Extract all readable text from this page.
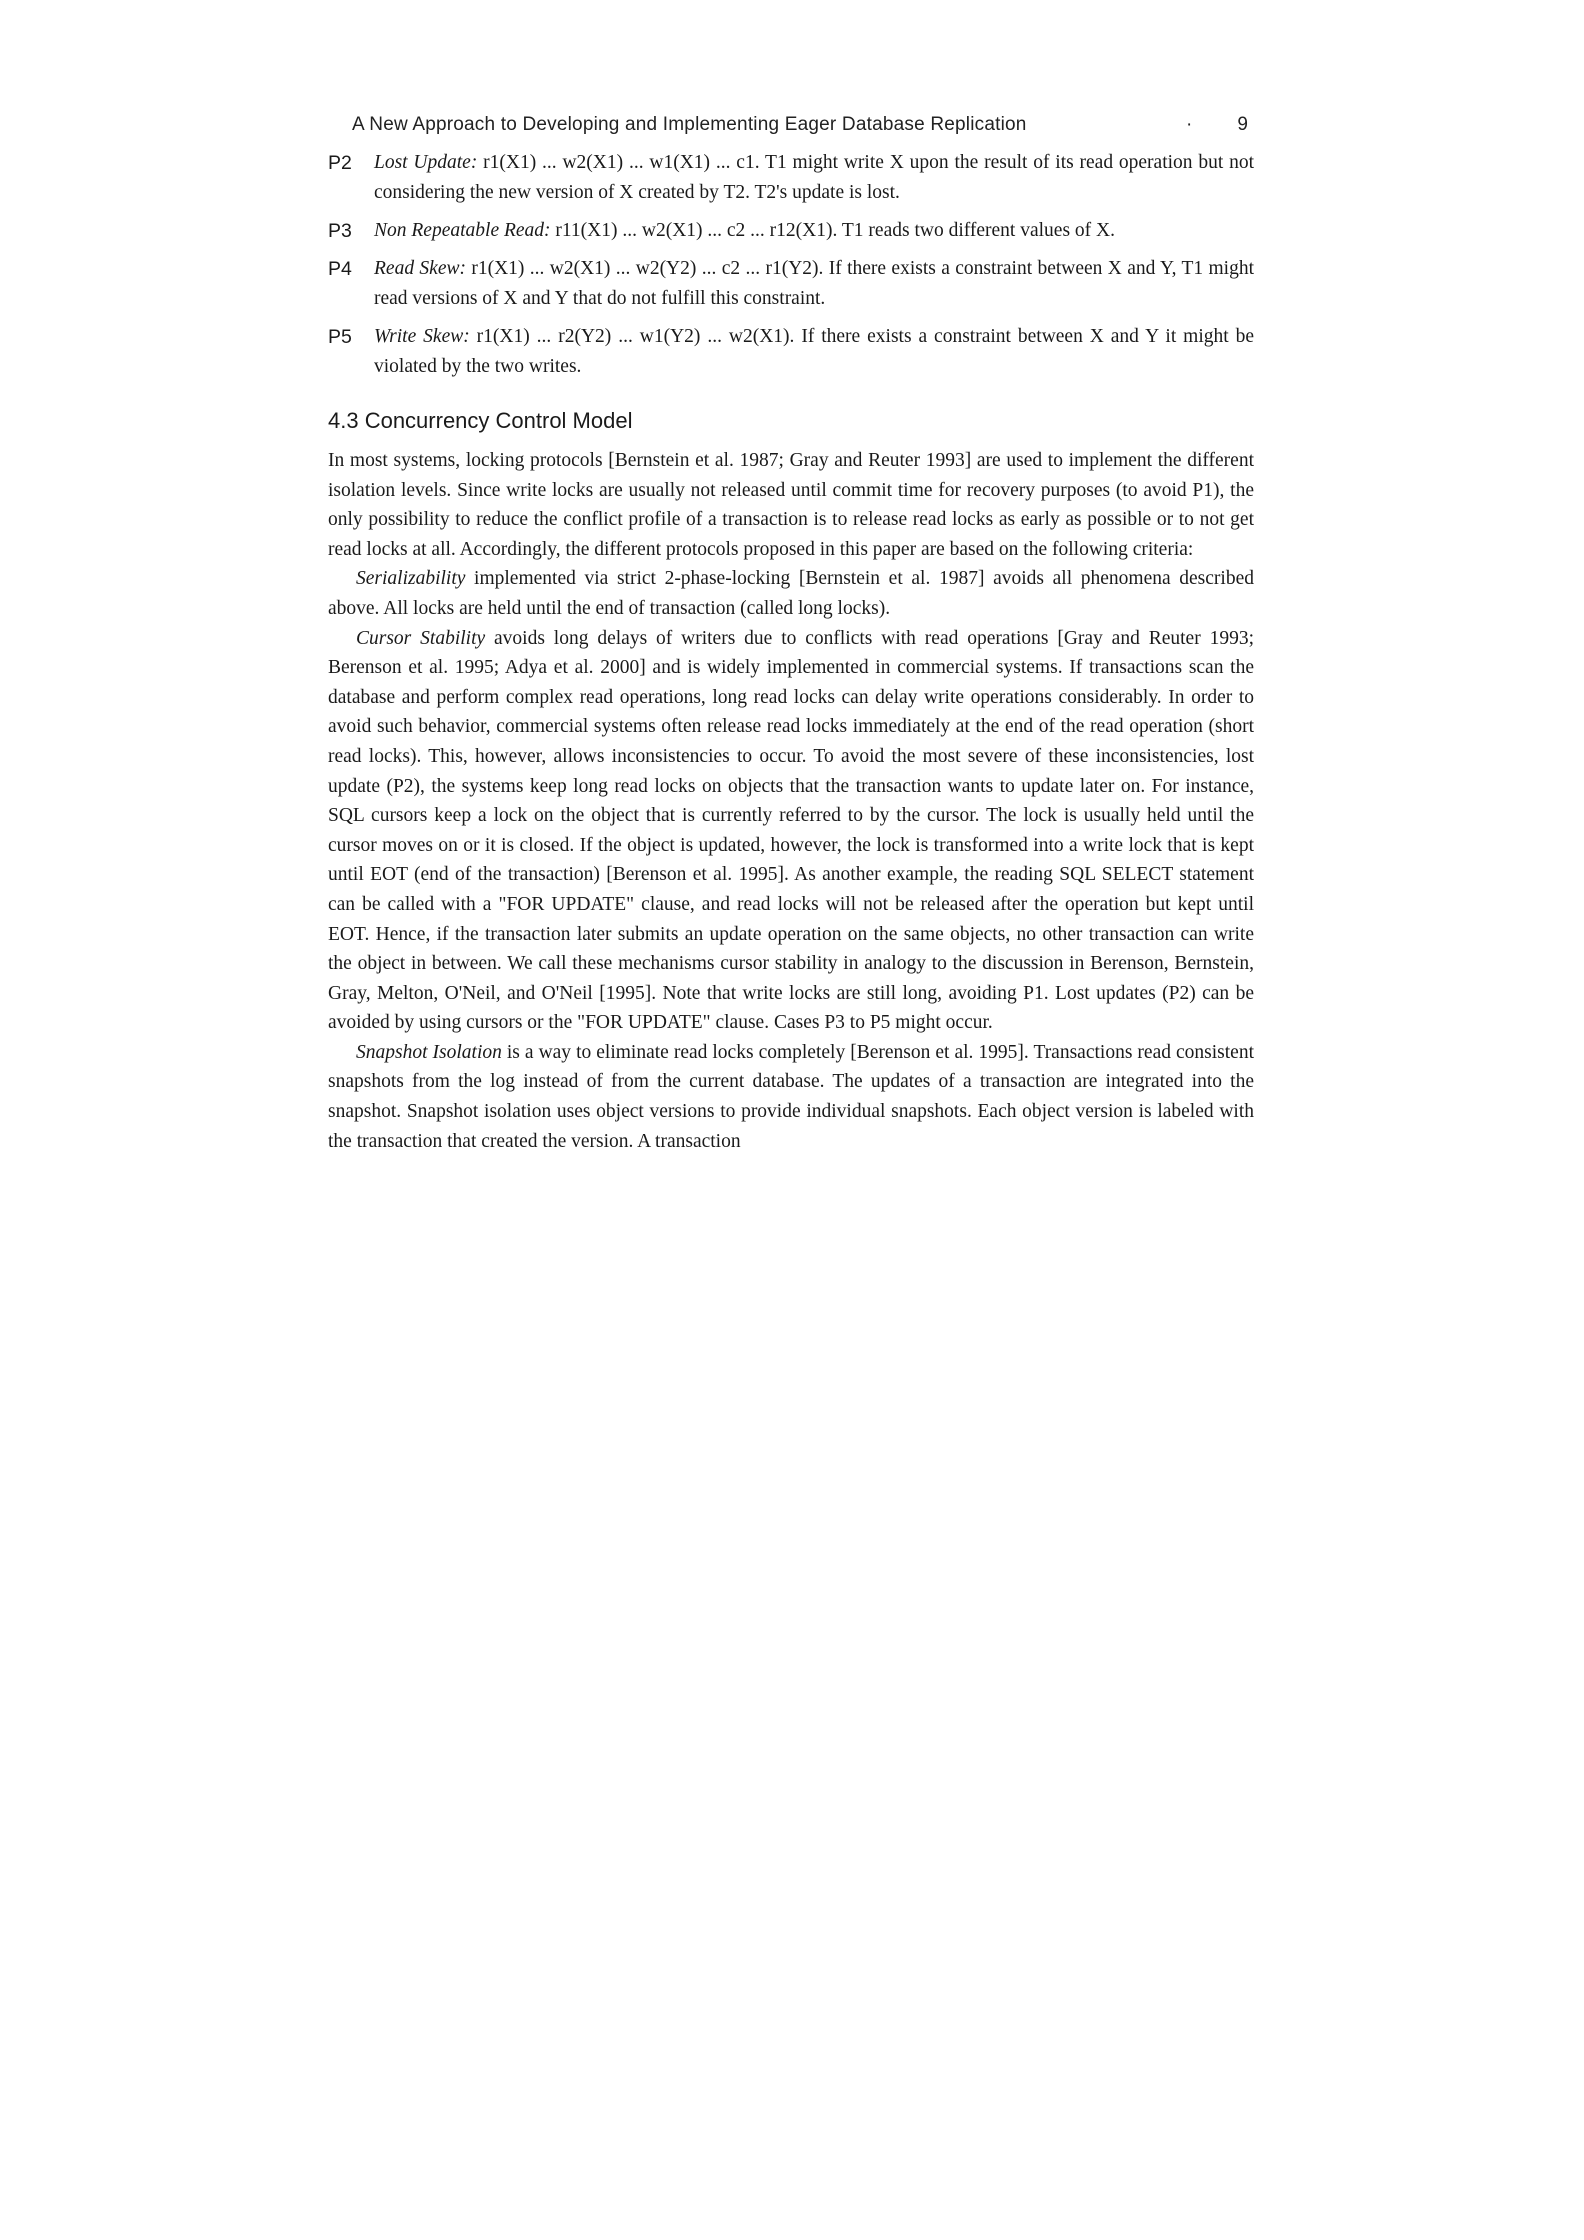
A New Approach to Developing and Implementing Eager Database Replication	· 9
P2 Lost Update: r1(X1) ... w2(X1) ... w1(X1) ... c1. T1 might write X upon the result of its read operation but not considering the new version of X created by T2. T2's update is lost.
P3 Non Repeatable Read: r11(X1) ... w2(X1) ... c2 ... r12(X1). T1 reads two different values of X.
P4 Read Skew: r1(X1) ... w2(X1) ... w2(Y2) ... c2 ... r1(Y2). If there exists a constraint between X and Y, T1 might read versions of X and Y that do not fulfill this constraint.
P5 Write Skew: r1(X1) ... r2(Y2) ... w1(Y2) ... w2(X1). If there exists a constraint between X and Y it might be violated by the two writes.
4.3 Concurrency Control Model

In most systems, locking protocols [Bernstein et al. 1987; Gray and Reuter 1993] are used to implement the different isolation levels. Since write locks are usually not released until commit time for recovery purposes (to avoid P1), the only possibility to reduce the conflict profile of a transaction is to release read locks as early as possible or to not get read locks at all. Accordingly, the different protocols proposed in this paper are based on the following criteria:

Serializability implemented via strict 2-phase-locking [Bernstein et al. 1987] avoids all phenomena described above. All locks are held until the end of transaction (called long locks).

Cursor Stability avoids long delays of writers due to conflicts with read operations [Gray and Reuter 1993; Berenson et al. 1995; Adya et al. 2000] and is widely implemented in commercial systems. If transactions scan the database and perform complex read operations, long read locks can delay write operations considerably. In order to avoid such behavior, commercial systems often release read locks immediately at the end of the read operation (short read locks). This, however, allows inconsistencies to occur. To avoid the most severe of these inconsistencies, lost update (P2), the systems keep long read locks on objects that the transaction wants to update later on. For instance, SQL cursors keep a lock on the object that is currently referred to by the cursor. The lock is usually held until the cursor moves on or it is closed. If the object is updated, however, the lock is transformed into a write lock that is kept until EOT (end of the transaction) [Berenson et al. 1995]. As another example, the reading SQL SELECT statement can be called with a "FOR UPDATE" clause, and read locks will not be released after the operation but kept until EOT. Hence, if the transaction later submits an update operation on the same objects, no other transaction can write the object in between. We call these mechanisms cursor stability in analogy to the discussion in Berenson, Bernstein, Gray, Melton, O'Neil, and O'Neil [1995]. Note that write locks are still long, avoiding P1. Lost updates (P2) can be avoided by using cursors or the "FOR UPDATE" clause. Cases P3 to P5 might occur.

Snapshot Isolation is a way to eliminate read locks completely [Berenson et al. 1995]. Transactions read consistent snapshots from the log instead of from the current database. The updates of a transaction are integrated into the snapshot. Snapshot isolation uses object versions to provide individual snapshots. Each object version is labeled with the transaction that created the version. A transaction
